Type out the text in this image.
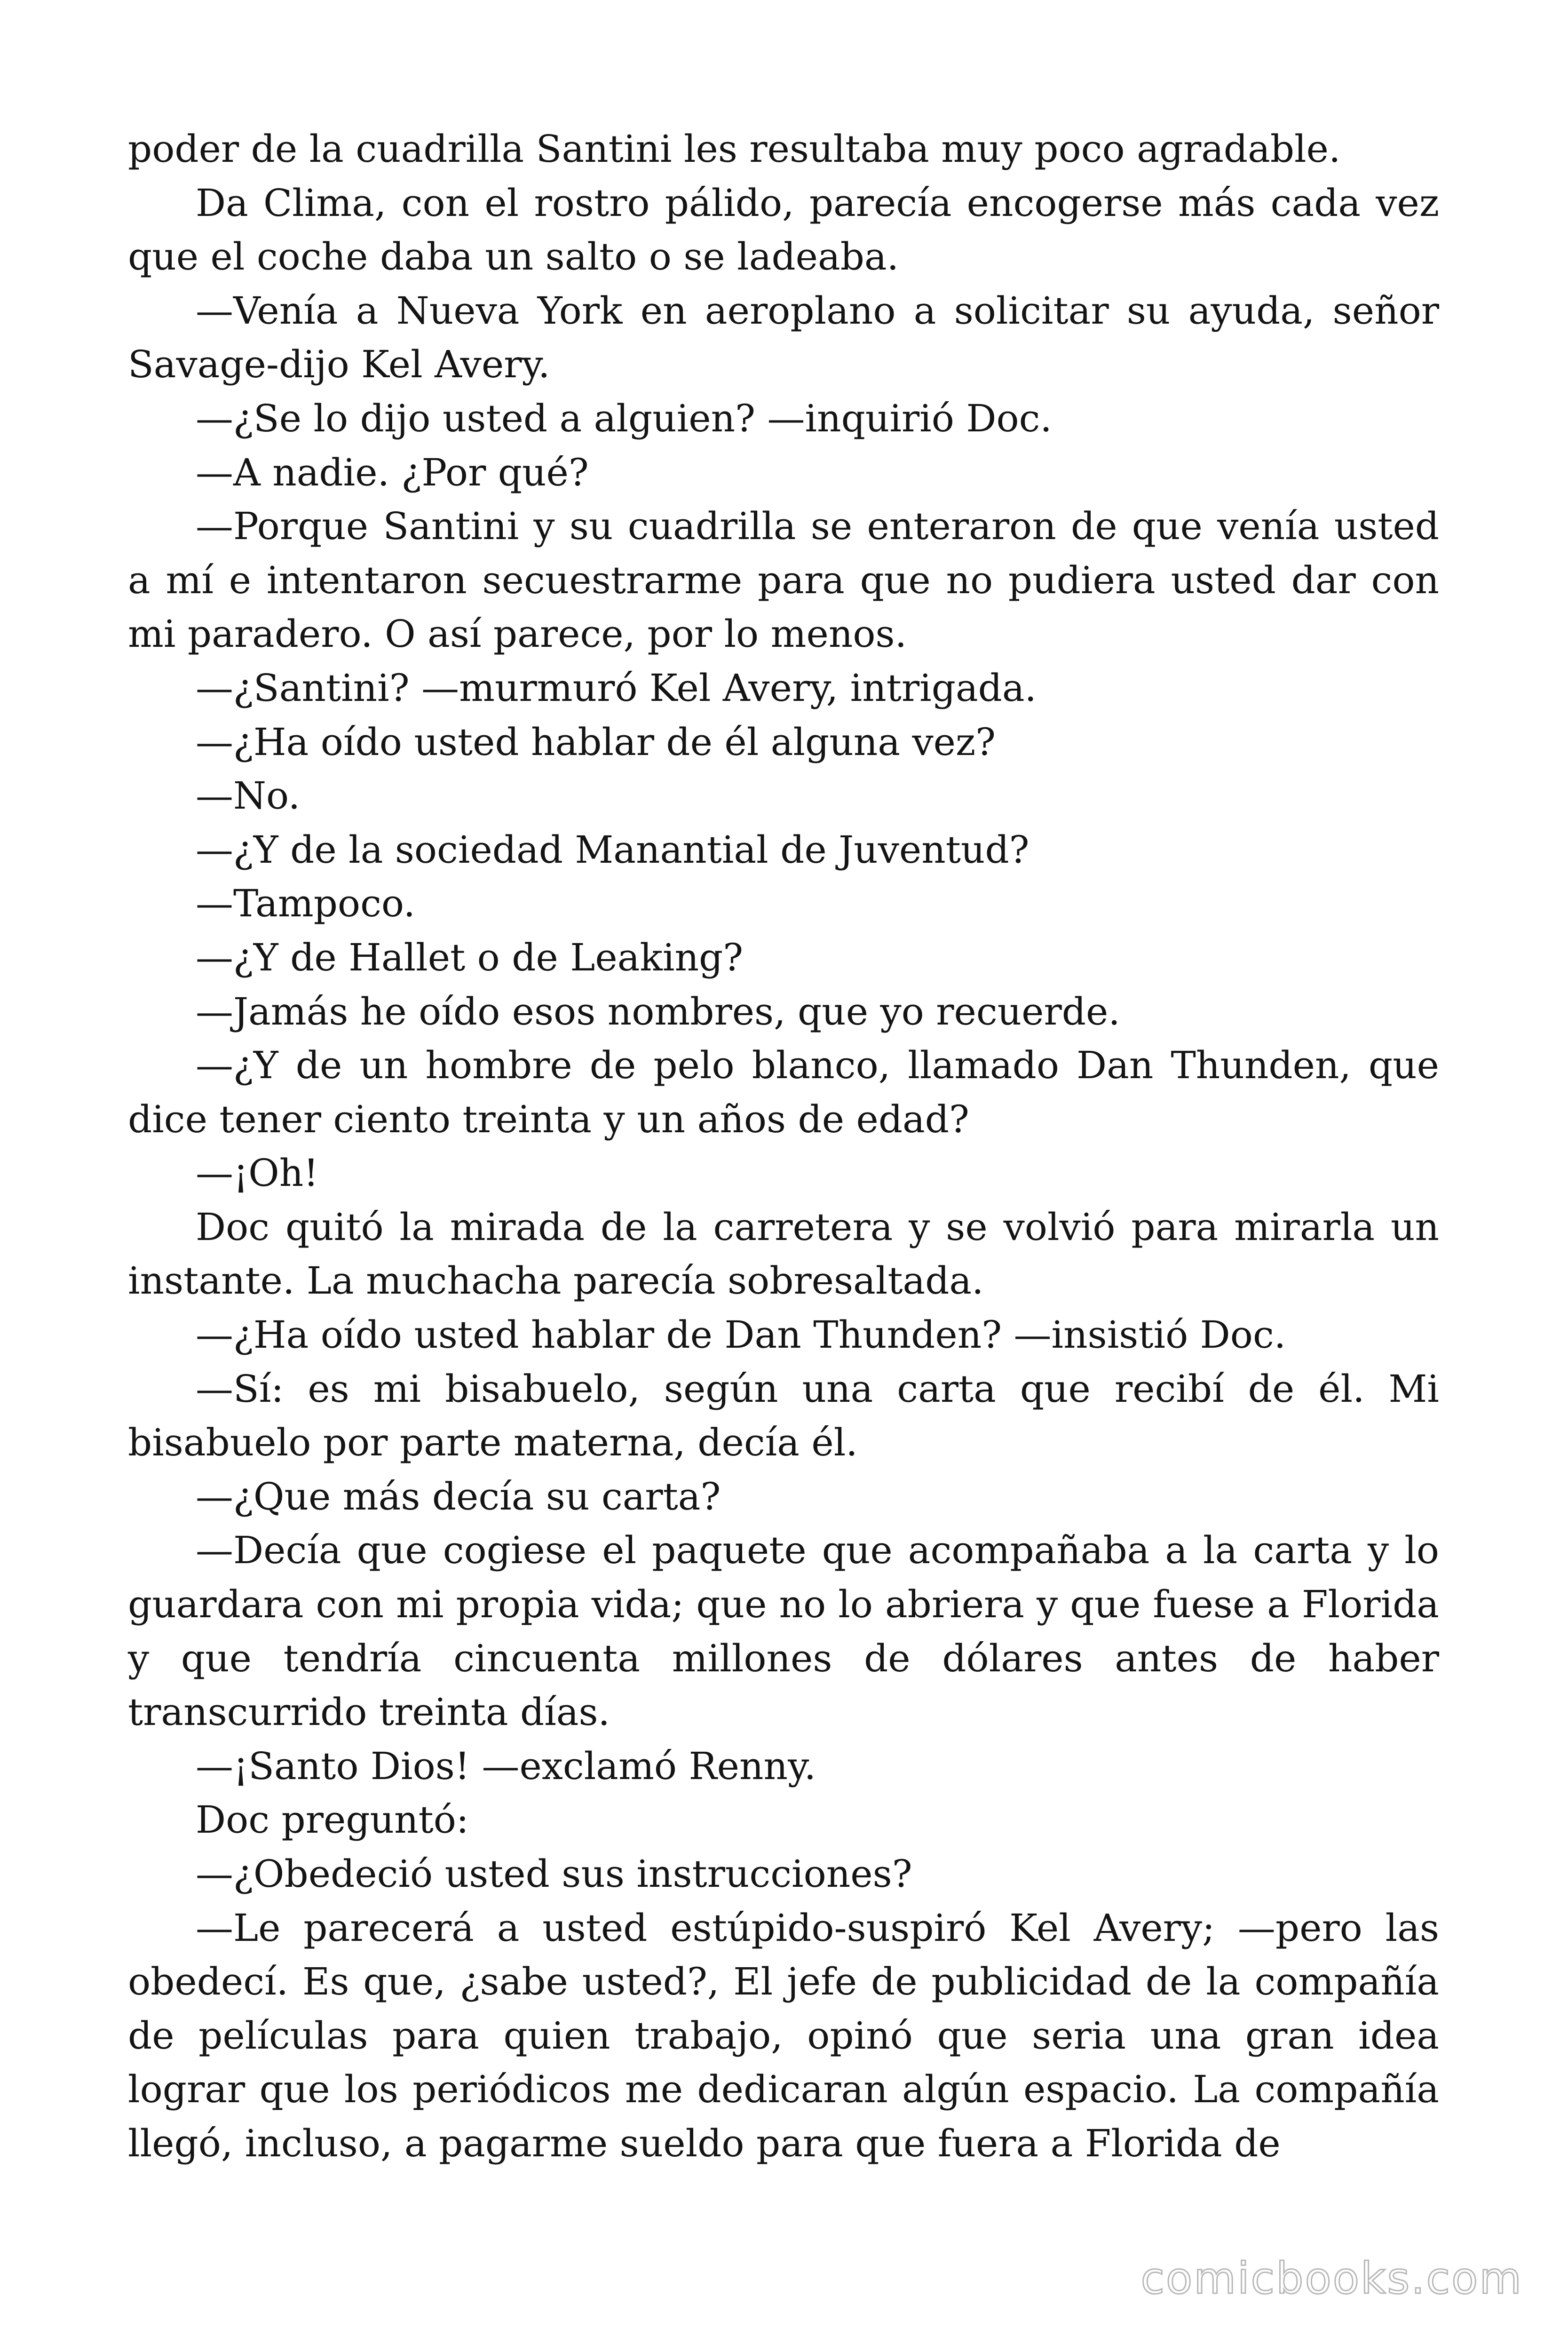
poder de la cuadrilla Santini les resultaba muy poco agradable.

Da Clima, con el rostro pálido, parecía encogerse más cada vez que el coche daba un salto o se ladeaba.

—Venía a Nueva York en aeroplano a solicitar su ayuda, señor Savage-dijo Kel Avery.

—¿Se lo dijo usted a alguien? —inquirió Doc.

—A nadie. ¿Por qué?

—Porque Santini y su cuadrilla se enteraron de que venía usted a mí e intentaron secuestrarme para que no pudiera usted dar con mi paradero. O así parece, por lo menos.

—¿Santini? —murmuró Kel Avery, intrigada.

—¿Ha oído usted hablar de él alguna vez?

—No.

—¿Y de la sociedad Manantial de Juventud?

—Tampoco.

—¿Y de Hallet o de Leaking?

—Jamás he oído esos nombres, que yo recuerde.

—¿Y de un hombre de pelo blanco, llamado Dan Thunden, que dice tener ciento treinta y un años de edad?

—¡Oh!

Doc quitó la mirada de la carretera y se volvió para mirarla un instante. La muchacha parecía sobresaltada.

—¿Ha oído usted hablar de Dan Thunden? —insistió Doc.

—Sí: es mi bisabuelo, según una carta que recibí de él. Mi bisabuelo por parte materna, decía él.

—¿Que más decía su carta?

—Decía que cogiese el paquete que acompañaba a la carta y lo guardara con mi propia vida; que no lo abriera y que fuese a Florida y que tendría cincuenta millones de dólares antes de haber transcurrido treinta días.

—¡Santo Dios! —exclamó Renny.

Doc preguntó:

—¿Obedeció usted sus instrucciones?

—Le parecerá a usted estúpido-suspiró Kel Avery; —pero las obedecí. Es que, ¿sabe usted?, El jefe de publicidad de la compañía de películas para quien trabajo, opinó que seria una gran idea lograr que los periódicos me dedicaran algún espacio. La compañía llegó, incluso, a pagarme sueldo para que fuera a Florida de

comicbooks.com
